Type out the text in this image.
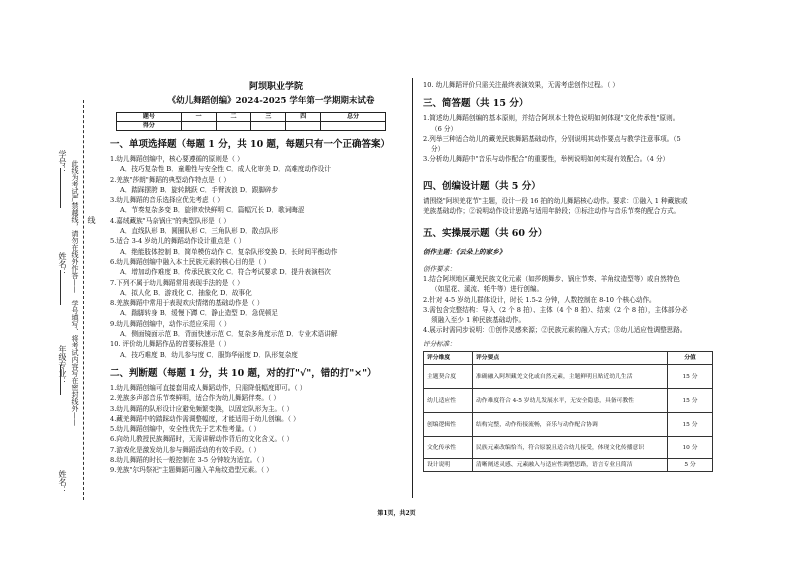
学号：
姓名：
年级专业：
姓名：
此线为考试严禁越线，请勿在线外作答——
学号填写、将考试内容写在密封线外——
线
阿坝职业学院
《幼儿舞蹈创编》2024-2025 学年第一学期期末试卷
题号	一	二	三	四	总分
得分					
一、单项选择题（每题 1 分，共 10 题，每题只有一个正确答案）
1.幼儿舞蹈创编中，核心要遵循的原则是（ ）
A．技巧复杂性 B．童趣性与安全性 C．成人化审美 D．高难度动作设计
2.羌族"莎朗"舞蹈的典型动作特点是（ ）
A．踏踩摆胯 B．旋转跳跃 C．手臂波浪 D．跟脚碎步
3.幼儿舞蹈的音乐选择应优先考虑（ ）
A．节奏复杂多变 B．旋律欢快鲜明 C．篇幅冗长 D．歌词晦涩
4.嘉绒藏族"马奈锅庄"的典型队形是（ ）
A．直线队形 B．圆圈队形 C．三角队形 D．散点队形
5.适合 3-4 岁幼儿的舞蹈动作设计重点是（ ）
A．绝能肢体控制 B．简单模仿动作 C．复杂队形变换 D．长时间平衡动作
6.幼儿舞蹈创编中融入本土民族元素的核心目的是（ ）
A．增加动作难度 B．传承民族文化 C．符合考试要求 D．提升表演档次
7.下列不属于幼儿舞蹈常用表现手法的是（ ）
A．拟人化 B．游戏化 C．抽象化 D．故事化
8.羌族舞蹈中常用于表现欢庆情绪的基础动作是（ ）
A．踹脚转身 B．缓慢下蹲 C．静止造型 D．急促顿足
9.幼儿舞蹈创编中，动作示范应采用（ ）
A．侧面镜面示范 B．背面快速示范 C．复杂多角度示范 D．专业术语讲解
10. 评价幼儿舞蹈作品的首要标准是（ ）
A．技巧难度 B．幼儿参与度 C．服饰华丽度 D．队形复杂度
二、判断题（每题 1 分，共 10 题，对的打"√"，错的打"×"）
1.幼儿舞蹈创编可直接套用成人舞蹈动作，只需降低幅度即可。（ ）
2.羌族多声部音乐节奏鲜明，适合作为幼儿舞蹈伴奏。（ ）
3.幼儿舞蹈的队形设计应避免频繁变换，以固定队形为主。（ ）
4.藏羌舞蹈中的踏踩动作需调整幅度，才能适用于幼儿创编。（ ）
5.幼儿舞蹈创编中，安全性优先于艺术性考量。（ ）
6.向幼儿教授民族舞蹈时，无需讲解动作背后的文化含义。（ ）
7.游戏化是激发幼儿参与舞蹈活动的有效手段。（ ）
8.幼儿舞蹈的时长一般控制在 3-5 分钟较为适宜。（ ）
9.羌族"尔玛祭祀"主题舞蹈可融入羊角纹造型元素。（ ）
10. 幼儿舞蹈评价只需关注最终表演效果，无需考虑创作过程。（ ）
三、简答题（共 15 分）
1.简述幼儿舞蹈创编的基本原则，并结合阿坝本土特色说明如何体现"文化传承性"原则。
（6 分）
2.列举三种适合幼儿的藏羌民族舞蹈基础动作，分别说明其动作要点与教学注意事项。（5
分）
3.分析幼儿舞蹈中"音乐与动作配合"的重要性，举例说明如何实现有效配合。（4 分）
四、创编设计题（共 5 分）
请围绕"阿坝羌花节"主题，设计一段 16 拍的幼儿舞蹈核心动作。要求：①融入 1 种藏族或
羌族基础动作；②说明动作设计思路与适用年龄段；③标注动作与音乐节奏的配合方式。
五、实操展示题（共 60 分）
创作主题：《云朵上的家乡》
创作要求：
1.结合阿坝地区藏羌民族文化元素（如莎朗舞步、锅庄节奏、羊角纹造型等）或自然特色
（如星花、溪流、牦牛等）进行创编。
2.针对 4-5 岁幼儿群体设计，时长 1.5-2 分钟，人数控制在 8-10 个核心动作。
3.需包含完整结构：导入（2 个 8 拍）、主体（4 个 8 拍）、结束（2 个 8 拍），主体部分必
须融入至少 1 种民族基础动作。
4.展示时需同步说明：①创作灵感来源；②民族元素的融入方式；③幼儿适应性调整思路。
评分标准：
评分维度	评分要点	分值
主题契合度	准确融入阿坝藏羌文化或自然元素，主题鲜明且贴近幼儿生活	15 分
幼儿适应性	动作难度符合 4-5 岁幼儿发展水平，无安全隐患，具备可教性	15 分
创编逻辑性	结构完整，动作衔接流畅，音乐与动作配合协调	15 分
文化传承性	民族元素改编恰当，符合原貌且适合幼儿接受，体现文化传播意识	10 分
设计说明	清晰阐述灵感、元素融入与适应性调整思路，语言专业且简洁	5 分
第1页，共2页
